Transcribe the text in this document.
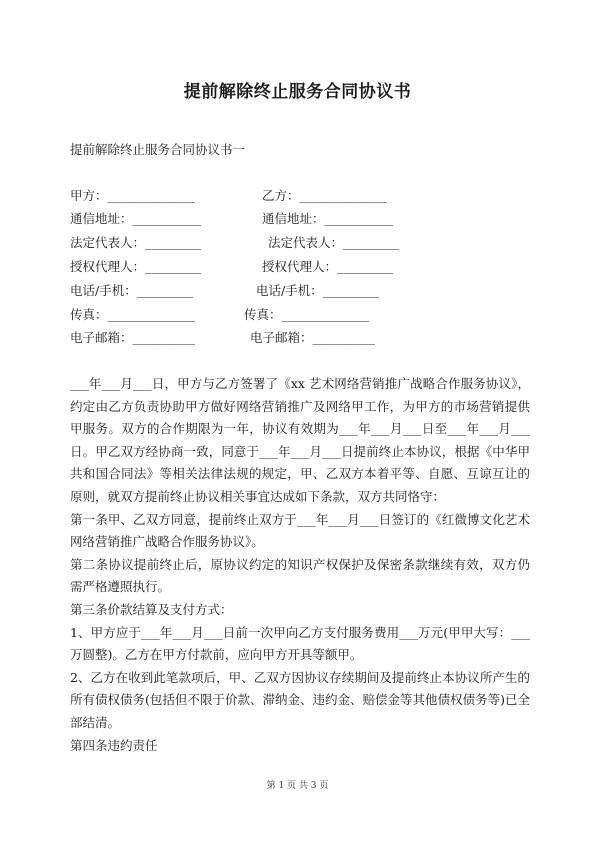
提前解除终止服务合同协议书
提前解除终止服务合同协议书一
甲方：______________	乙方：______________
通信地址：___________	通信地址：___________
法定代表人：_________	法定代表人：_________
授权代理人：_________	授权代理人：_________
电话/手机：_________	电话/手机：_________
传真：______________	传真：______________
电子邮箱：__________	电子邮箱：__________

___年___月___日，甲方与乙方签署了《xx 艺术网络营销推广战略合作服务协议》，约定由乙方负责协助甲方做好网络营销推广及网络甲工作，为甲方的市场营销提供甲服务。双方的合作期限为一年，协议有效期为___年___月___日至___年___月___日。甲乙双方经协商一致，同意于___年___月___日提前终止本协议，根据《中华甲共和国合同法》等相关法律法规的规定，甲、乙双方本着平等、自愿、互谅互让的原则，就双方提前终止协议相关事宜达成如下条款，双方共同恪守：

第一条甲、乙双方同意，提前终止双方于___年___月___日签订的《红微博文化艺术网络营销推广战略合作服务协议》。

第二条协议提前终止后，原协议约定的知识产权保护及保密条款继续有效，双方仍需严格遵照执行。

第三条价款结算及支付方式：

1、甲方应于___年___月___日前一次甲向乙方支付服务费用___万元(甲甲大写：___万圆整)。乙方在甲方付款前，应向甲方开具等额甲。

2、乙方在收到此笔款项后，甲、乙双方因协议存续期间及提前终止本协议所产生的所有债权债务(包括但不限于价款、滞纳金、违约金、赔偿金等其他债权债务等)已全部结清。

第四条违约责任

第 1 页 共 3 页
